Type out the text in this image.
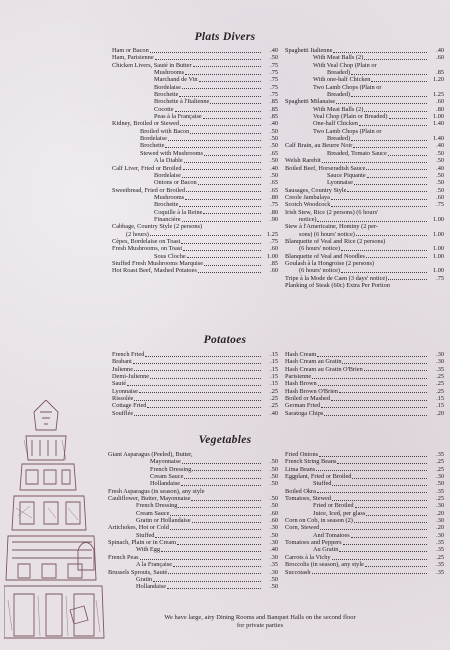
Plats Divers
Ham or Bacon	.40
Ham, Parisienne	.50
Chicken Livers, Sauté in Butter	.75
Mushrooms	.75
Marchand de Vin	.75
Bordelaise	.75
Brochette	.75
Brochette à l'Italienne	.85
Cocotte	.85
Peas à la Française	.85
Kidney, Broiled or Stewed	.40
Broiled with Bacon	.50
Bordelaise	.50
Brochette	.50
Stewed with Mushrooms	.65
A la Diable	.50
Calf Liver, Fried or Broiled	.40
Bordelaise	.50
Onions or Bacon	.65
Sweetbread, Fried or Broiled	.65
Mushrooms	.80
Brochette	.75
Coquille à la Reine	.80
Financière	.90
Cabbage, Country Style (2 persons)
(2 hours)	1.25
Cèpes, Bordelaise on Toast	.75
Fresh Mushrooms, on Toast	.60
Sous Cloche	1.00
Stuffed Fresh Mushrooms Marquise	.85
Hot Roast Beef, Mashed Potatoes	.60
Spaghetti Italienne	.40
With Meat Balls (2)	.60
With Veal Chop (Plain or
Breaded)	.85
With one-half Chicken	1.20
Two Lamb Chops (Plain or
Breaded)	1.25
Spaghetti Milanaise	.60
With Meat Balls (2)	.80
Veal Chop (Plain or Breaded)	1.00
One-half Chicken	1.40
Two Lamb Chops (Plain or
Breaded)	1.40
Calf Brain, au Beurre Noir	.40
Breaded, Tomato Sauce	.50
Welsh Rarebit	.50
Boiled Beef, Horseradish Sauce	.40
Sauce Piquante	.50
Lyonnaise	.50
Sausages, Country Style	.50
Creole Jambalaya	.60
Scotch Woodcock	.75
Irish Stew, Rice (2 persons) (6 hours'
notice)	1.00
Stew à l'Americaine, Hominy (2 per-
sons) (6 hours' notice)	1.00
Blanquette of Veal and Rice (2 persons)
(6 hours' notice)	1.00
Blanquette of Veal and Noodles	1.00
Goulash à la Hongroise (2 persons)
(6 hours' notice)	1.00
Tripe à la Mode de Caen (3 days' notice)	.75
Planking of Steak (60c) Extra Per Portion
Potatoes
French Fried	.15
Brabant	.15
Julienne	.15
Demi-Julienne	.15
Sauté	.15
Lyonnaise	.25
Rissolée	.25
Cottage Fried	.25
Soufflée	.40
Hash Cream	.30
Hash Cream au Gratin	.30
Hash Cream au Gratin O'Brien	.35
Parisienne	.25
Hash Brown	.25
Hash Brown O'Brien	.25
Boiled or Mashed	.15
German Fried	.15
Saratoga Chips	.20
Vegetables
Giant Asparagus (Peeled), Butter,
Mayonnaise	.50
French Dressing	.50
Cream Sauce	.50
Hollandaise	.50
Fresh Asparagus (in season), any style
Cauliflower, Butter, Mayonnaise	.50
French Dressing	.50
Cream Sauce	.60
Gratin or Hollandaise	.60
Artichokes, Hot or Cold	.30
Stuffed	.50
Spinach, Plain or in Cream	.30
With Egg	.40
French Peas	.30
A la Française	.35
Brussels Sprouts, Sauté	.30
Gratin	.50
Hollandaise	.50
Fried Onions	.35
French String Beans	.25
Lima Beans	.25
Eggplant, Fried or Broiled	.30
Stuffed	.50
Boiled Okra	.35
Tomatoes, Stewed	.25
Fried or Broiled	.30
Juice, Iced, per glass	.20
Corn on Cob, in season (2)	.30
Corn, Stewed	.20
And Tomatoes	.30
Tomatoes and Peppers	.35
Au Gratin	.35
Carrots à la Vichy	.25
Broccolis (in season), any style	.35
Succotash	.35
We have large, airy Dining Rooms and Banquet Halls on the second floor
for private parties
